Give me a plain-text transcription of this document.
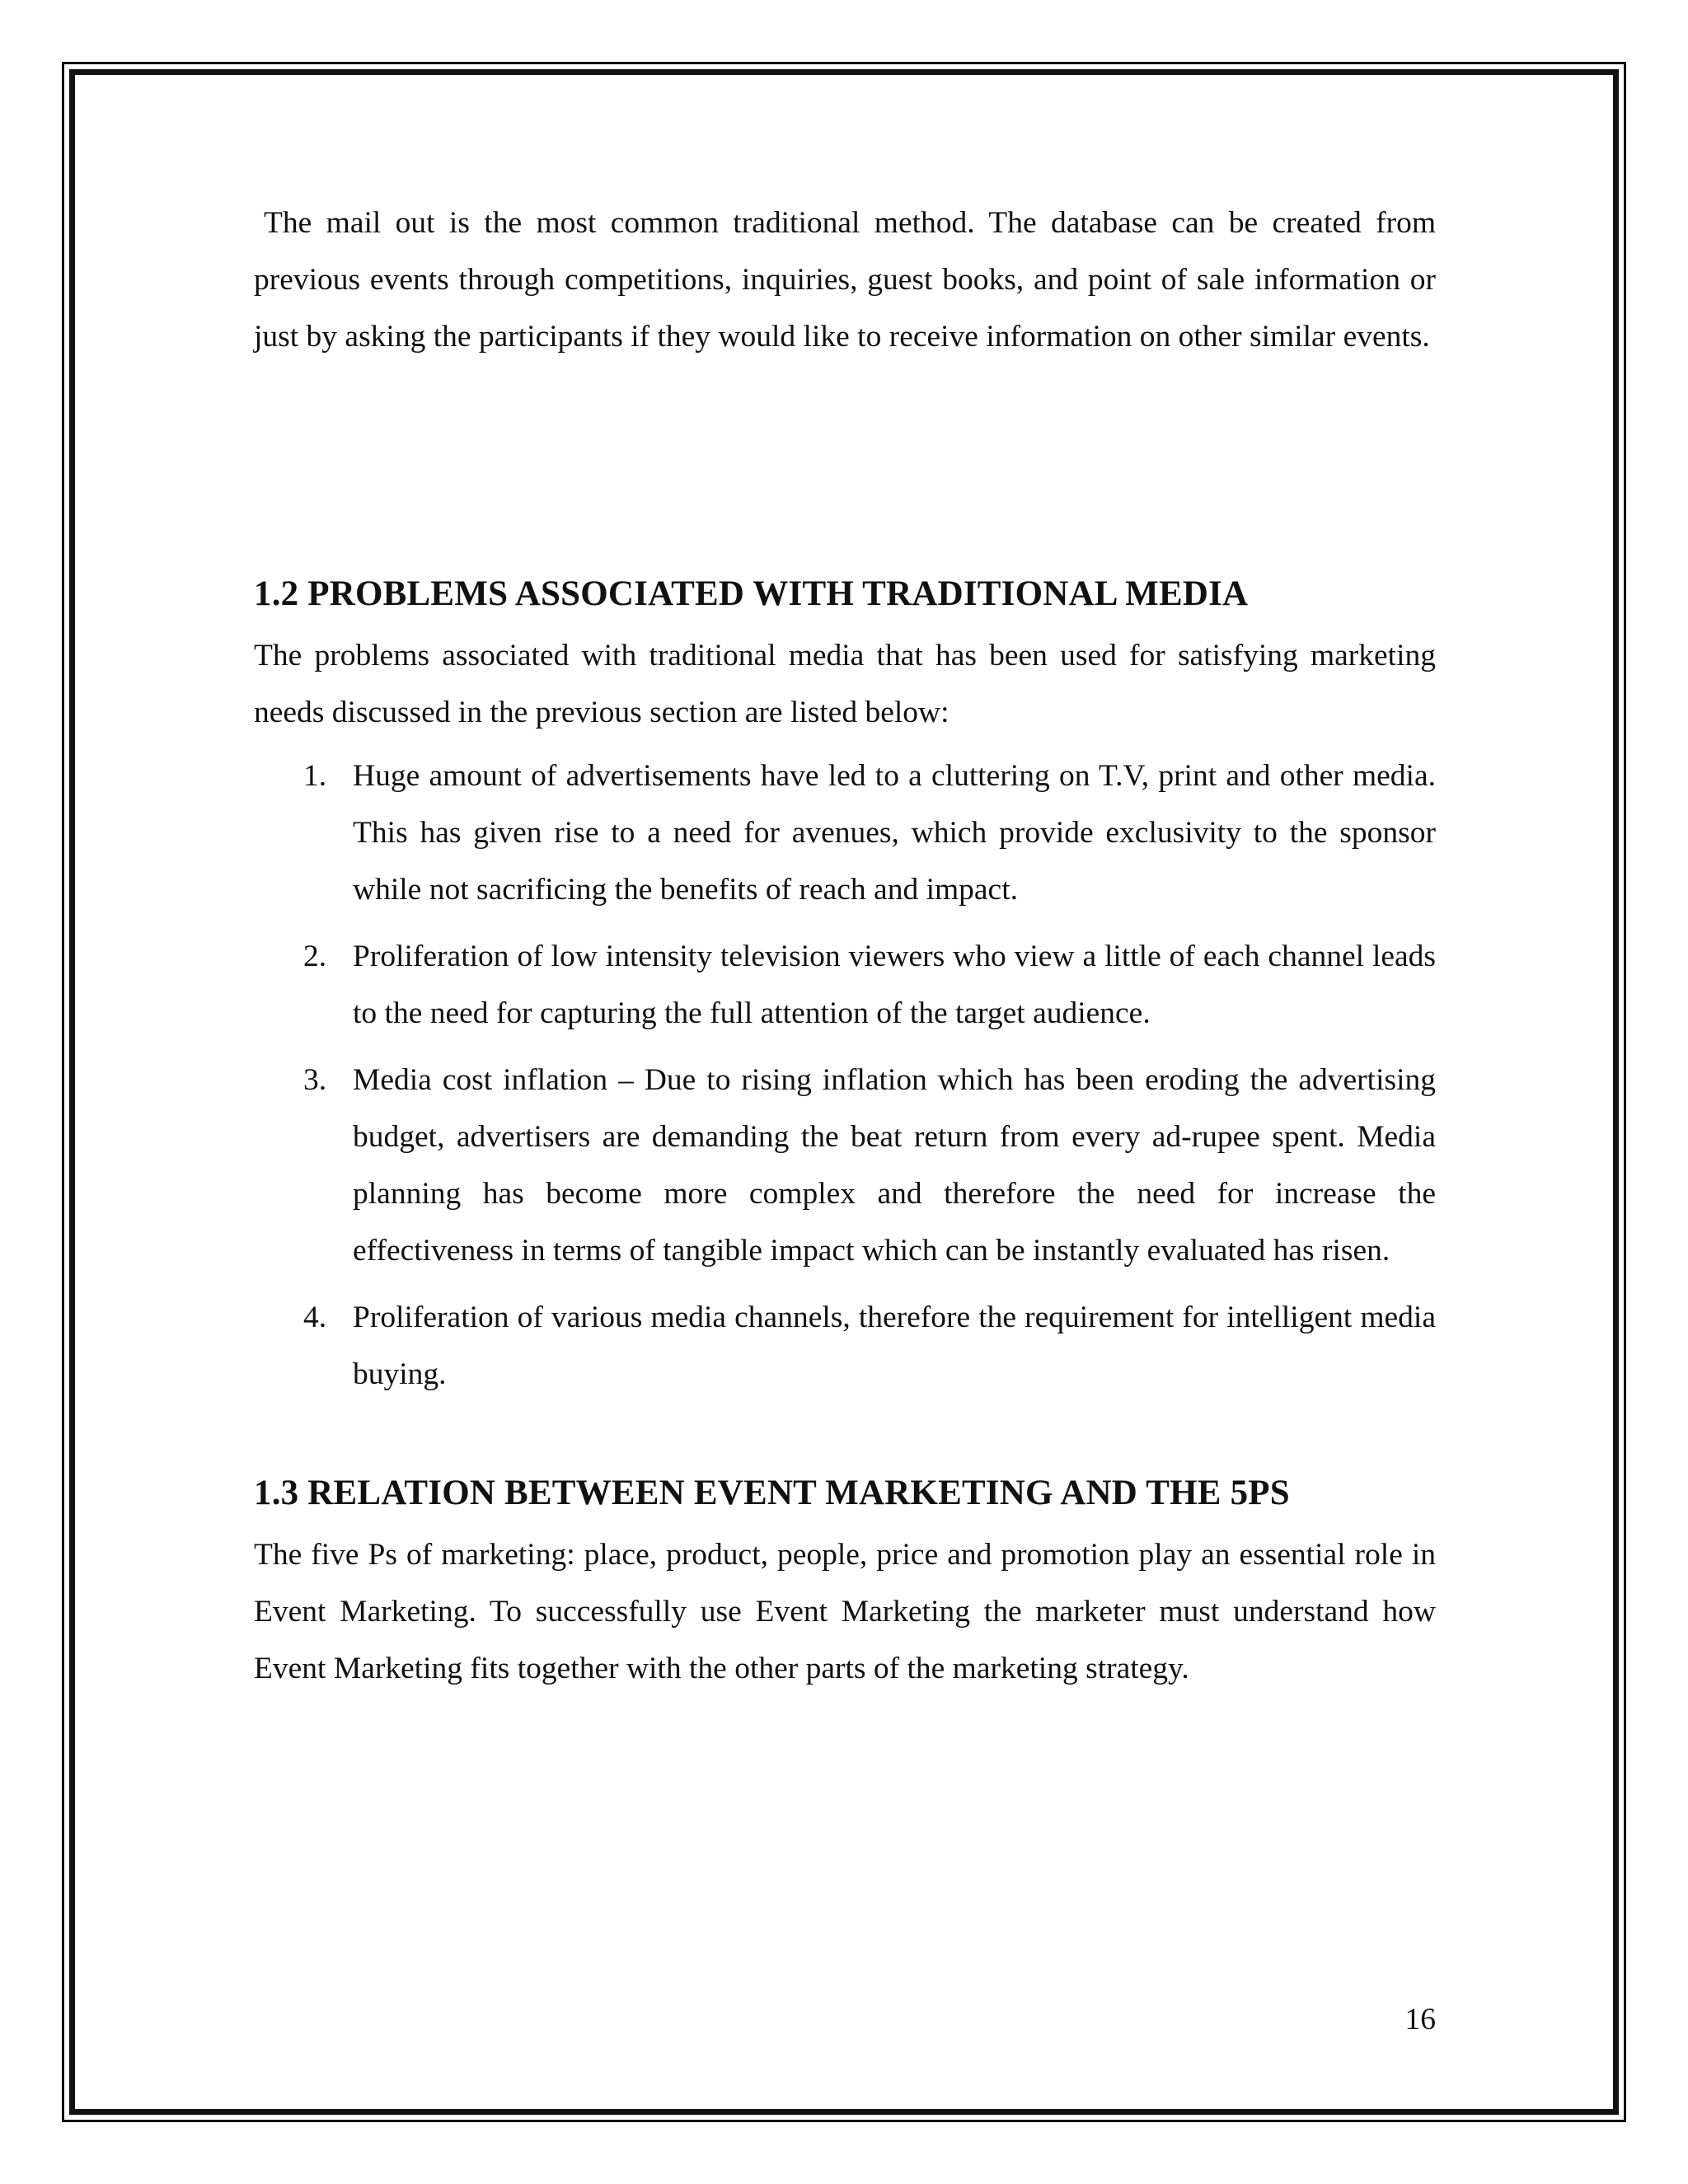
The mail out is the most common traditional method. The database can be created from previous events through competitions, inquiries, guest books, and point of sale information or just by asking the participants if they would like to receive information on other similar events.

1.2 PROBLEMS ASSOCIATED WITH TRADITIONAL MEDIA

The problems associated with traditional media that has been used for satisfying marketing needs discussed in the previous section are listed below:

1. Huge amount of advertisements have led to a cluttering on T.V, print and other media. This has given rise to a need for avenues, which provide exclusivity to the sponsor while not sacrificing the benefits of reach and impact.

2. Proliferation of low intensity television viewers who view a little of each channel leads to the need for capturing the full attention of the target audience.

3. Media cost inflation – Due to rising inflation which has been eroding the advertising budget, advertisers are demanding the beat return from every ad-rupee spent. Media planning has become more complex and therefore the need for increase the effectiveness in terms of tangible impact which can be instantly evaluated has risen.

4. Proliferation of various media channels, therefore the requirement for intelligent media buying.

1.3 RELATION BETWEEN EVENT MARKETING AND THE 5PS

The five Ps of marketing: place, product, people, price and promotion play an essential role in Event Marketing. To successfully use Event Marketing the marketer must understand how Event Marketing fits together with the other parts of the marketing strategy.

16
